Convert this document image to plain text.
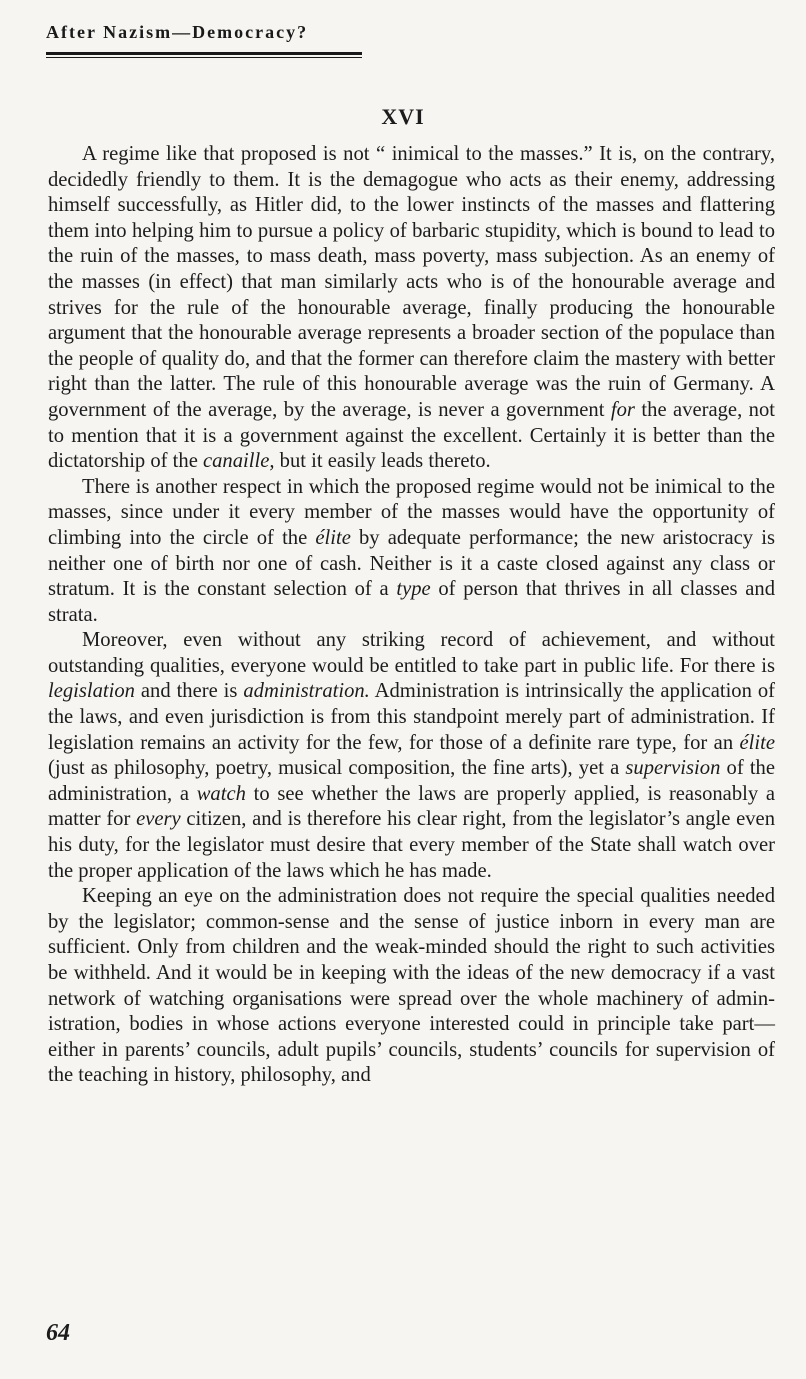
After Nazism—Democracy?
XVI

A regime like that proposed is not “ inimical to the masses.” It is, on the contrary, decidedly friendly to them. It is the demagogue who acts as their enemy, addressing himself successfully, as Hitler did, to the lower instincts of the masses and flattering them into helping him to pursue a policy of barbaric stupidity, which is bound to lead to the ruin of the masses, to mass death, mass poverty, mass subjection. As an enemy of the masses (in effect) that man similarly acts who is of the honourable average and strives for the rule of the honourable average, finally producing the honourable argument that the honourable average represents a broader section of the populace than the people of quality do, and that the former can therefore claim the mastery with better right than the latter. The rule of this honourable average was the ruin of Germany. A government of the average, by the average, is never a government for the average, not to mention that it is a government against the excellent. Certainly it is better than the dictatorship of the canaille, but it easily leads thereto.

There is another respect in which the proposed regime would not be inimical to the masses, since under it every member of the masses would have the opportunity of climbing into the circle of the élite by adequate performance; the new aristocracy is neither one of birth nor one of cash. Neither is it a caste closed against any class or stratum. It is the constant selection of a type of person that thrives in all classes and strata.

Moreover, even without any striking record of achievement, and without outstanding qualities, everyone would be entitled to take part in public life. For there is legislation and there is administration. Administration is intrinsically the application of the laws, and even jurisdiction is from this standpoint merely part of administration. If legislation remains an activity for the few, for those of a definite rare type, for an élite (just as philosophy, poetry, musical composition, the fine arts), yet a supervision of the administration, a watch to see whether the laws are properly applied, is reasonably a matter for every citizen, and is therefore his clear right, from the legislator’s angle even his duty, for the legislator must desire that every member of the State shall watch over the proper application of the laws which he has made.

Keeping an eye on the administration does not require the special qualities needed by the legislator; common-sense and the sense of justice inborn in every man are sufficient. Only from children and the weak-minded should the right to such activities be withheld. And it would be in keeping with the ideas of the new democracy if a vast network of watching organisations were spread over the whole machinery of admin-istration, bodies in whose actions everyone interested could in principle take part—either in parents’ councils, adult pupils’ councils, students’ councils for supervision of the teaching in history, philosophy, and

64
